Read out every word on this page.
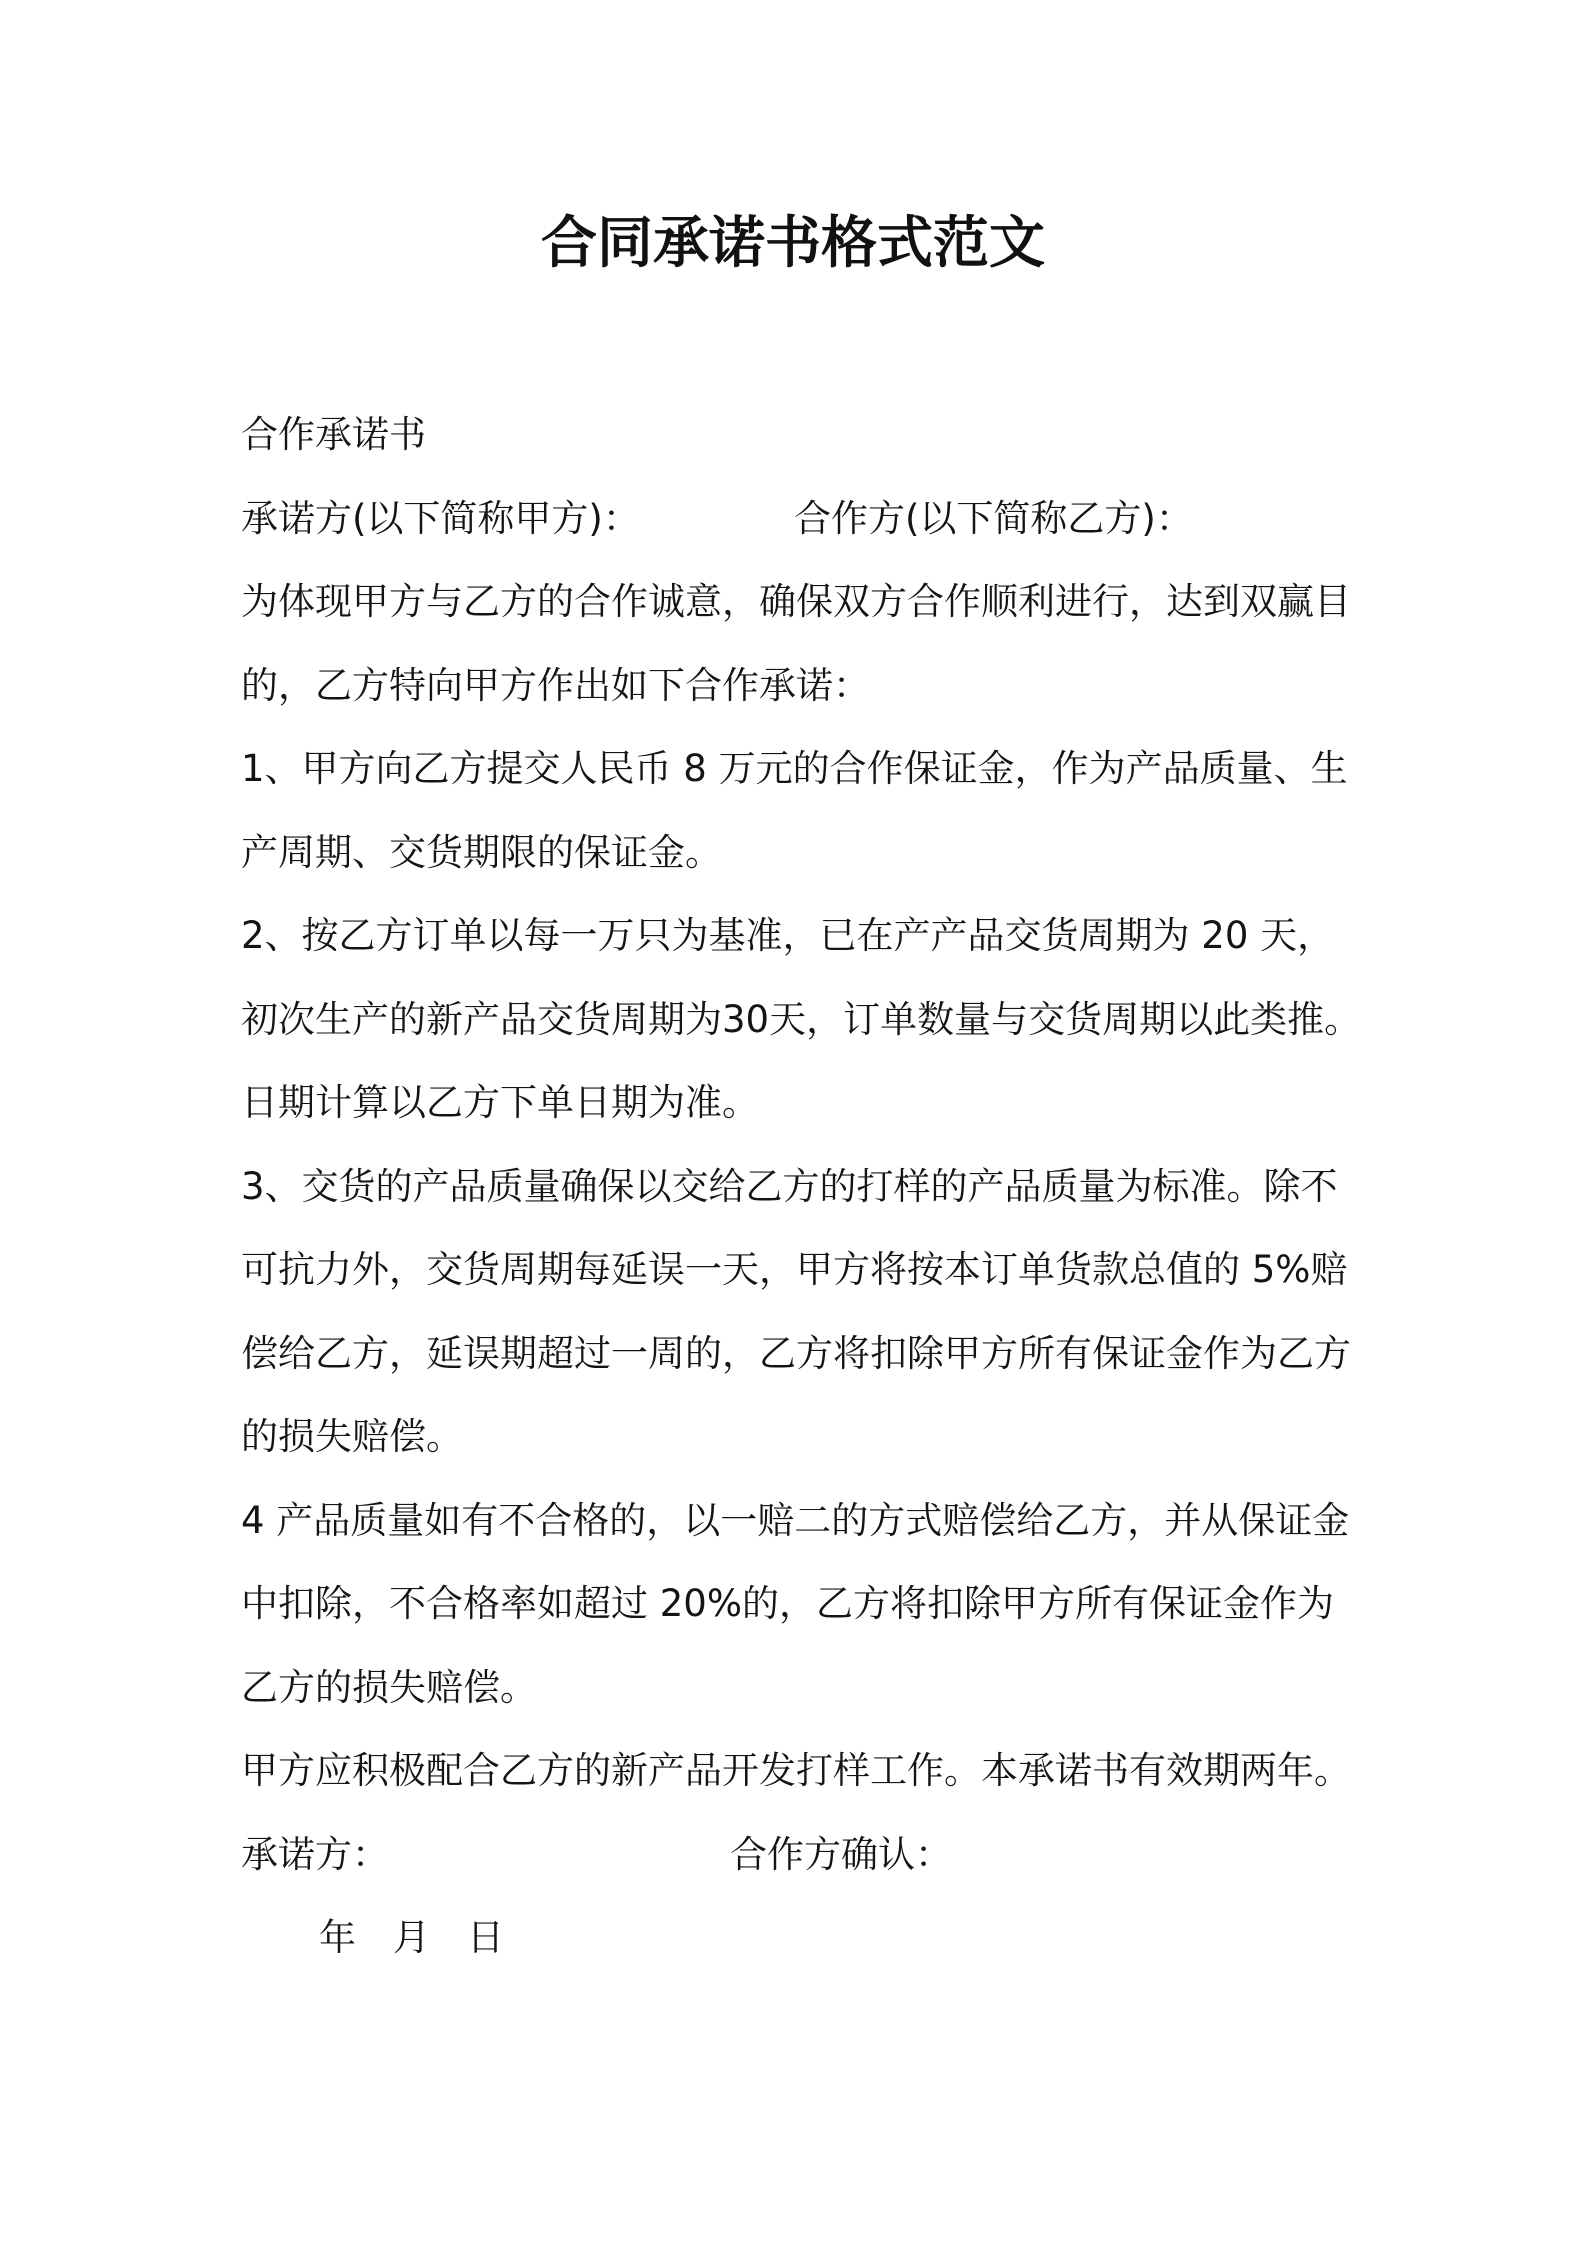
合同承诺书格式范文
合作承诺书
承诺方(以下简称甲方)：	合作方(以下简称乙方)：
为体现甲方与乙方的合作诚意，确保双方合作顺利进行，达到双赢目
的，乙方特向甲方作出如下合作承诺：
1、甲方向乙方提交人民币 8 万元的合作保证金，作为产品质量、生
产周期、交货期限的保证金。
2、按乙方订单以每一万只为基准，已在产产品交货周期为 20 天，
初次生产的新产品交货周期为30天，订单数量与交货周期以此类推。
日期计算以乙方下单日期为准。
3、交货的产品质量确保以交给乙方的打样的产品质量为标准。除不
可抗力外，交货周期每延误一天，甲方将按本订单货款总值的 5%赔
偿给乙方，延误期超过一周的，乙方将扣除甲方所有保证金作为乙方
的损失赔偿。
4 产品质量如有不合格的，以一赔二的方式赔偿给乙方，并从保证金
中扣除，不合格率如超过 20%的，乙方将扣除甲方所有保证金作为
乙方的损失赔偿。
甲方应积极配合乙方的新产品开发打样工作。本承诺书有效期两年。
承诺方：	合作方确认：
年　月　日
